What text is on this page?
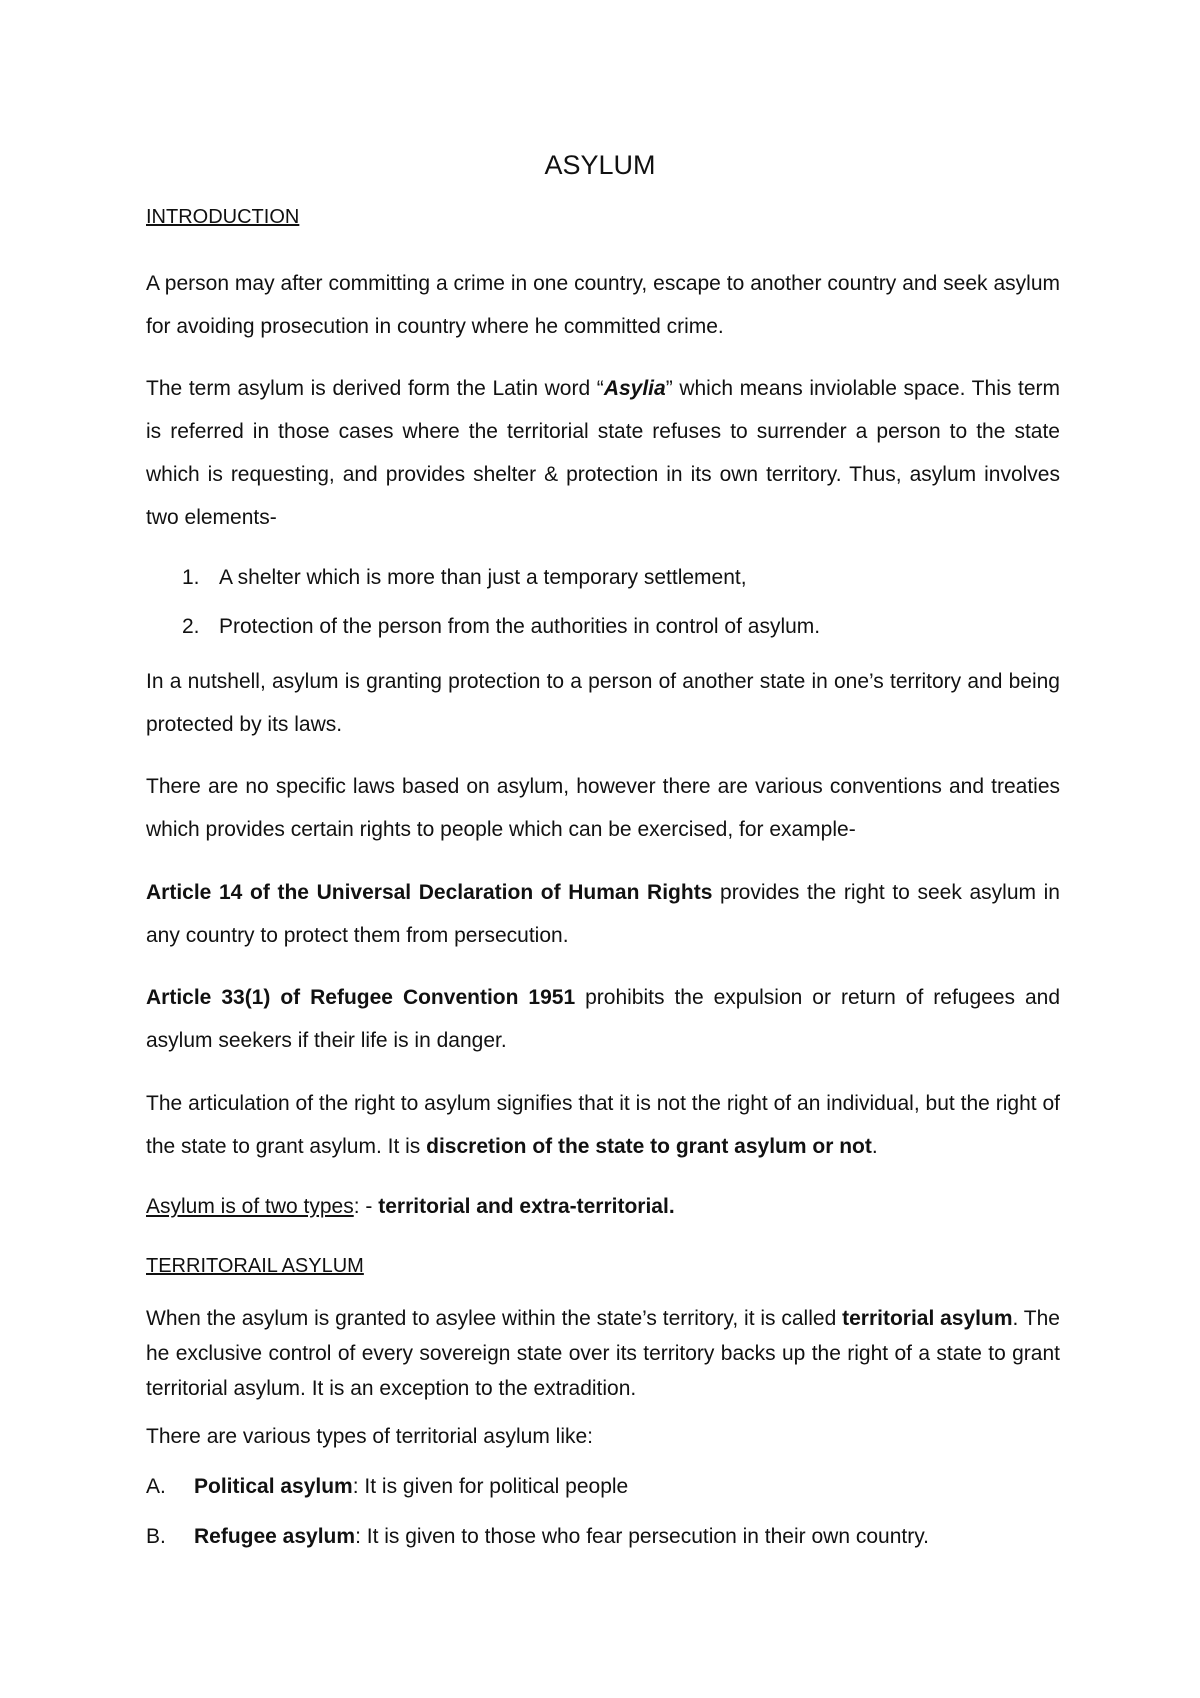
ASYLUM
INTRODUCTION

A person may after committing a crime in one country, escape to another country and seek asylum for avoiding prosecution in country where he committed crime.

The term asylum is derived form the Latin word “Asylia” which means inviolable space. This term is referred in those cases where the territorial state refuses to surrender a person to the state which is requesting, and provides shelter & protection in its own territory. Thus, asylum involves two elements-

1. A shelter which is more than just a temporary settlement,
2. Protection of the person from the authorities in control of asylum.

In a nutshell, asylum is granting protection to a person of another state in one’s territory and being protected by its laws.

There are no specific laws based on asylum, however there are various conventions and treaties which provides certain rights to people which can be exercised, for example-

Article 14 of the Universal Declaration of Human Rights provides the right to seek asylum in any country to protect them from persecution.

Article 33(1) of Refugee Convention 1951 prohibits the expulsion or return of refugees and asylum seekers if their life is in danger.

The articulation of the right to asylum signifies that it is not the right of an individual, but the right of the state to grant asylum. It is discretion of the state to grant asylum or not.

Asylum is of two types: - territorial and extra-territorial.

TERRITORAIL ASYLUM

When the asylum is granted to asylee within the state’s territory, it is called territorial asylum. The he exclusive control of every sovereign state over its territory backs up the right of a state to grant territorial asylum. It is an exception to the extradition.

There are various types of territorial asylum like:

A. Political asylum: It is given for political people
B. Refugee asylum: It is given to those who fear persecution in their own country.
